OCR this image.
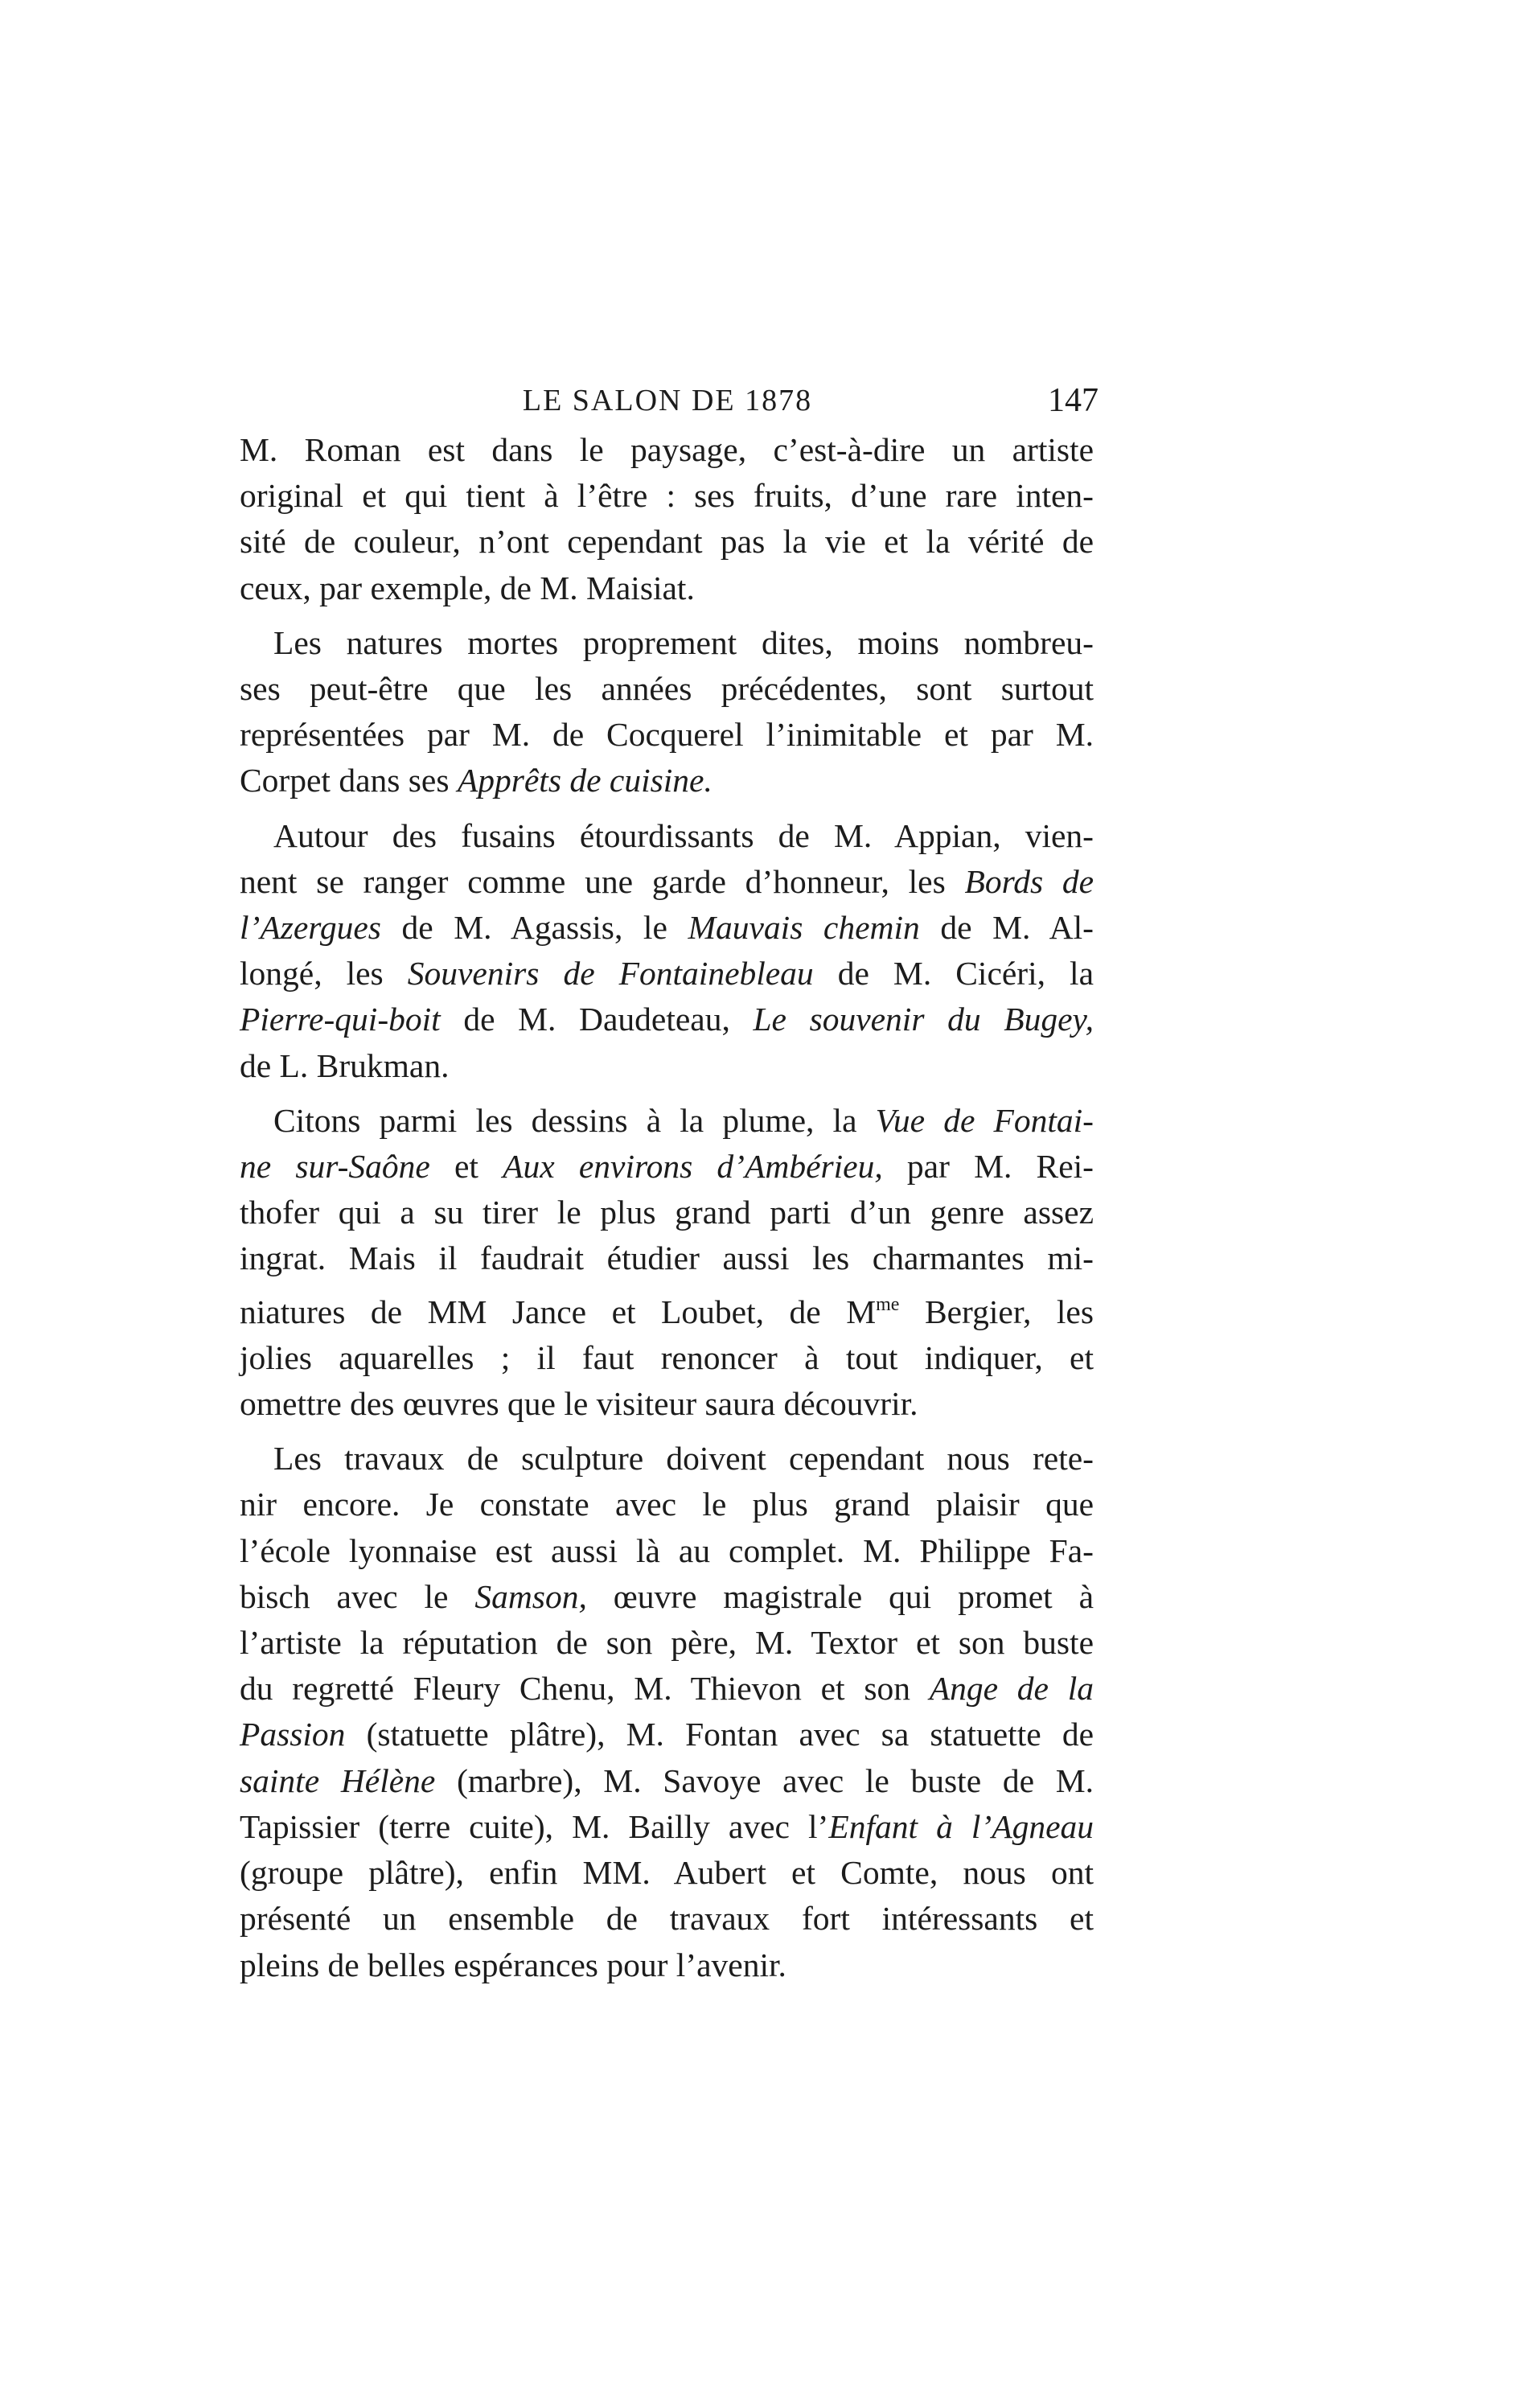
LE SALON DE 1878	147
M. Roman est dans le paysage, c’est-à-dire un artiste
original et qui tient à l’être : ses fruits, d’une rare inten-
sité de couleur, n’ont cependant pas la vie et la vérité de
ceux, par exemple, de M. Maisiat.
Les natures mortes proprement dites, moins nombreu-
ses peut-être que les années précédentes, sont surtout
représentées par M. de Cocquerel l’inimitable et par M.
Corpet dans ses Apprêts de cuisine.
Autour des fusains étourdissants de M. Appian, vien-
nent se ranger comme une garde d’honneur, les Bords de
l’Azergues de M. Agassis, le Mauvais chemin de M. Al-
longé, les Souvenirs de Fontainebleau de M. Cicéri, la
Pierre-qui-boit de M. Daudeteau, Le souvenir du Bugey,
de L. Brukman.
Citons parmi les dessins à la plume, la Vue de Fontai-
ne sur-Saône et Aux environs d’Ambérieu, par M. Rei-
thofer qui a su tirer le plus grand parti d’un genre assez
ingrat. Mais il faudrait étudier aussi les charmantes mi-
niatures de MM Jance et Loubet, de $M^{me}$ Bergier, les
jolies aquarelles ; il faut renoncer à tout indiquer, et
omettre des œuvres que le visiteur saura découvrir.
Les travaux de sculpture doivent cependant nous rete-
nir encore. Je constate avec le plus grand plaisir que
l’école lyonnaise est aussi là au complet. M. Philippe Fa-
bisch avec le Samson, œuvre magistrale qui promet à
l’artiste la réputation de son père, M. Textor et son buste
du regretté Fleury Chenu, M. Thievon et son Ange de la
Passion (statuette plâtre), M. Fontan avec sa statuette de
sainte Hélène (marbre), M. Savoye avec le buste de M.
Tapissier (terre cuite), M. Bailly avec l’Enfant à l’Agneau
(groupe plâtre), enfin MM. Aubert et Comte, nous ont
présenté un ensemble de travaux fort intéressants et
pleins de belles espérances pour l’avenir.
